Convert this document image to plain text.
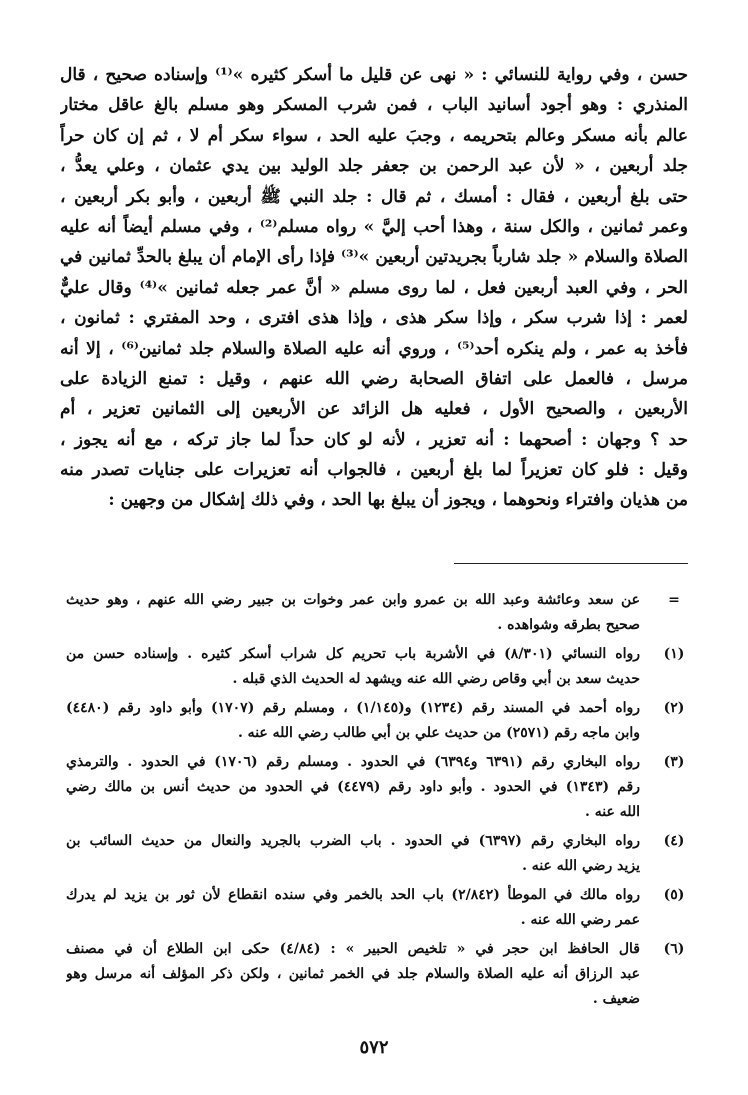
حسن ، وفي رواية للنسائي : « نهى عن قليل ما أسكر كثيره »⁽¹⁾ وإسناده صحيح ، قال
المنذري : وهو أجود أسانيد الباب ، فمن شرب المسكر وهو مسلم بالغ عاقل مختار
عالم بأنه مسكر وعالم بتحريمه ، وجبَ عليه الحد ، سواء سكر أم لا ، ثم إن كان حراً
جلد أربعين ، « لأن عبد الرحمن بن جعفر جلد الوليد بين يدي عثمان ، وعلي يعدُّ ،
حتى بلغ أربعين ، فقال : أمسك ، ثم قال : جلد النبي ﷺ أربعين ، وأبو بكر أربعين ،
وعمر ثمانين ، والكل سنة ، وهذا أحب إليَّ » رواه مسلم⁽²⁾ ، وفي مسلم أيضاً أنه عليه
الصلاة والسلام « جلد شارباً بجريدتين أربعين »⁽³⁾ فإذا رأى الإمام أن يبلغ بالحدِّ ثمانين في
الحر ، وفي العبد أربعين فعل ، لما روى مسلم « أنَّ عمر جعله ثمانين »⁽⁴⁾ وقال عليٌّ
لعمر : إذا شرب سكر ، وإذا سكر هذى ، وإذا هذى افترى ، وحد المفتري : ثمانون ،
فأخذ به عمر ، ولم ينكره أحد⁽⁵⁾ ، وروي أنه عليه الصلاة والسلام جلد ثمانين⁽⁶⁾ ، إلا أنه
مرسل ، فالعمل على اتفاق الصحابة رضي الله عنهم ، وقيل : تمنع الزيادة على
الأربعين ، والصحيح الأول ، فعليه هل الزائد عن الأربعين إلى الثمانين تعزير ، أم
حد ؟ وجهان : أصحهما : أنه تعزير ، لأنه لو كان حداً لما جاز تركه ، مع أنه يجوز ،
وقيل : فلو كان تعزيراً لما بلغ أربعين ، فالجواب أنه تعزيرات على جنايات تصدر منه
من هذيان وافتراء ونحوهما ، ويجوز أن يبلغ بها الحد ، وفي ذلك إشكال من وجهين :
=
عن سعد وعائشة وعبد الله بن عمرو وابن عمر وخوات بن جبير رضي الله عنهم ، وهو حديث
صحيح بطرقه وشواهده .
(١)
رواه النسائي (٨/٣٠١) في الأشربة باب تحريم كل شراب أسكر كثيره . وإسناده حسن من
حديث سعد بن أبي وقاص رضي الله عنه ويشهد له الحديث الذي قبله .
(٢)
رواه أحمد في المسند رقم (١٢٣٤) و(١/١٤٥) ، ومسلم رقم (١٧٠٧) وأبو داود رقم (٤٤٨٠)
وابن ماجه رقم (٢٥٧١) من حديث علي بن أبي طالب رضي الله عنه .
(٣)
رواه البخاري رقم (٦٣٩١ و٦٣٩٤) في الحدود . ومسلم رقم (١٧٠٦) في الحدود . والترمذي
رقم (١٣٤٣) في الحدود . وأبو داود رقم (٤٤٧٩) في الحدود من حديث أنس بن مالك رضي
الله عنه .
(٤)
رواه البخاري رقم (٦٣٩٧) في الحدود . باب الضرب بالجريد والنعال من حديث السائب بن
يزيد رضي الله عنه .
(٥)
رواه مالك في الموطأ (٢/٨٤٢) باب الحد بالخمر وفي سنده انقطاع لأن ثور بن يزيد لم يدرك
عمر رضي الله عنه .
(٦)
قال الحافظ ابن حجر في « تلخيص الحبير » : (٤/٨٤) حكى ابن الطلاع أن في مصنف
عبد الرزاق أنه عليه الصلاة والسلام جلد في الخمر ثمانين ، ولكن ذكر المؤلف أنه مرسل وهو
ضعيف .
٥٧٢
